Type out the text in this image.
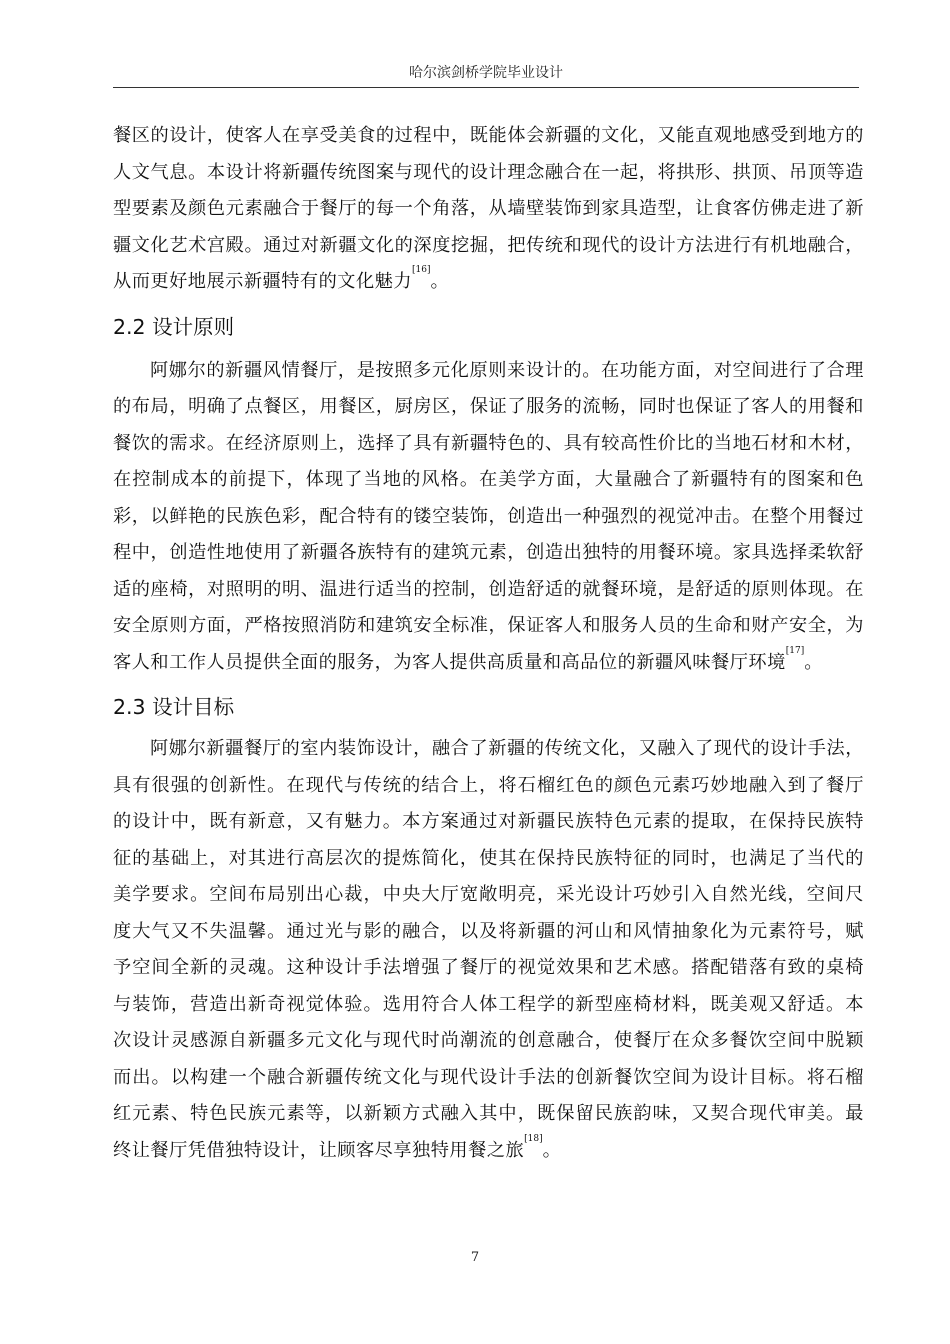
哈尔滨剑桥学院毕业设计

餐区的设计，使客人在享受美食的过程中，既能体会新疆的文化，又能直观地感受到地方的人文气息。本设计将新疆传统图案与现代的设计理念融合在一起，将拱形、拱顶、吊顶等造型要素及颜色元素融合于餐厅的每一个角落，从墙壁装饰到家具造型，让食客仿佛走进了新疆文化艺术宫殿。通过对新疆文化的深度挖掘，把传统和现代的设计方法进行有机地融合，从而更好地展示新疆特有的文化魅力[16]。

2.2 设计原则

阿娜尔的新疆风情餐厅，是按照多元化原则来设计的。在功能方面，对空间进行了合理的布局，明确了点餐区，用餐区，厨房区，保证了服务的流畅，同时也保证了客人的用餐和餐饮的需求。在经济原则上，选择了具有新疆特色的、具有较高性价比的当地石材和木材，在控制成本的前提下，体现了当地的风格。在美学方面，大量融合了新疆特有的图案和色彩，以鲜艳的民族色彩，配合特有的镂空装饰，创造出一种强烈的视觉冲击。在整个用餐过程中，创造性地使用了新疆各族特有的建筑元素，创造出独特的用餐环境。家具选择柔软舒适的座椅，对照明的明、温进行适当的控制，创造舒适的就餐环境，是舒适的原则体现。在安全原则方面，严格按照消防和建筑安全标准，保证客人和服务人员的生命和财产安全，为客人和工作人员提供全面的服务，为客人提供高质量和高品位的新疆风味餐厅环境[17]。

2.3 设计目标

阿娜尔新疆餐厅的室内装饰设计，融合了新疆的传统文化，又融入了现代的设计手法， 具有很强的创新性。在现代与传统的结合上，将石榴红色的颜色元素巧妙地融入到了餐厅 的设计中，既有新意，又有魅力。本方案通过对新疆民族特色元素的提取，在保持民族特 征的基础上，对其进行高层次的提炼简化，使其在保持民族特征的同时，也满足了当代的 美学要求。空间布局别出心裁，中央大厅宽敞明亮，采光设计巧妙引入自然光线，空间尺 度大气又不失温馨。通过光与影的融合，以及将新疆的河山和风情抽象化为元素符号，赋 予空间全新的灵魂。这种设计手法增强了餐厅的视觉效果和艺术感。搭配错落有致的桌椅 与装饰，营造出新奇视觉体验。选用符合人体工程学的新型座椅材料，既美观又舒适。本 次设计灵感源自新疆多元文化与现代时尚潮流的创意融合，使餐厅在众多餐饮空间中脱颖 而出。以构建一个融合新疆传统文化与现代设计手法的创新餐饮空间为设计目标。将石榴 红元素、特色民族元素等，以新颖方式融入其中，既保留民族韵味，又契合现代审美。最 终让餐厅凭借独特设计，让顾客尽享独特用餐之旅[18]。

7
